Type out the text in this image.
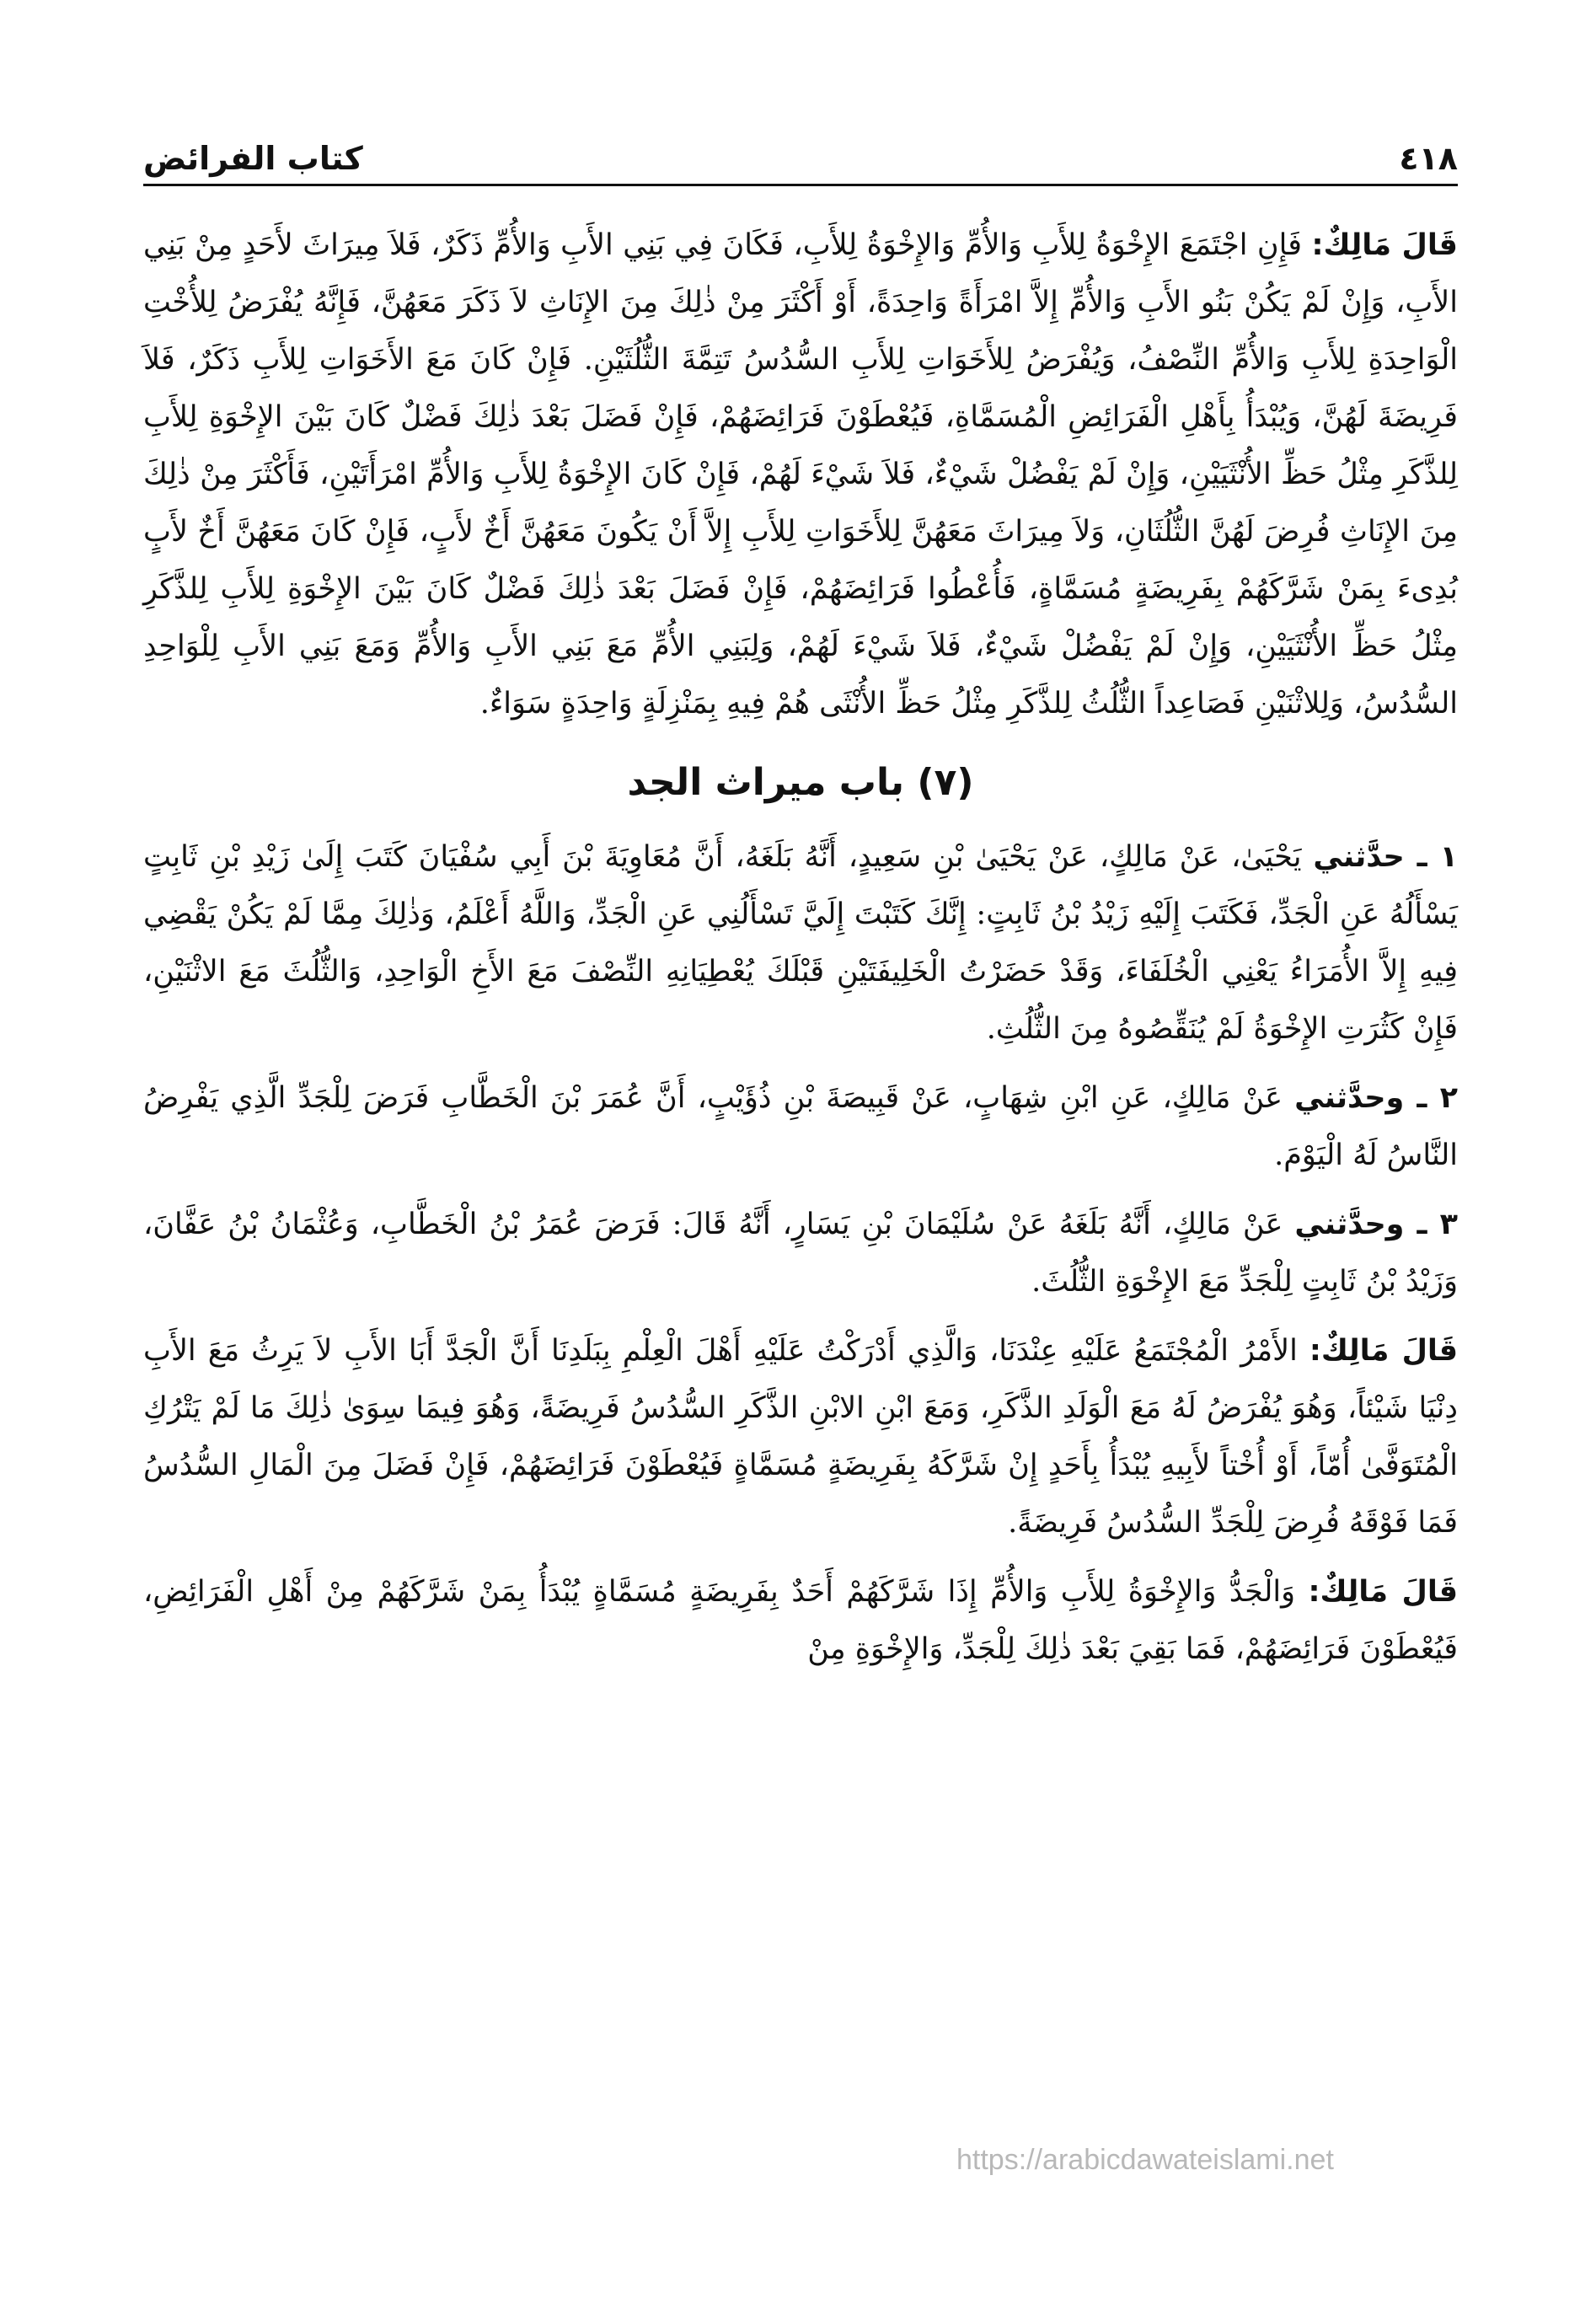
٤١٨
كتاب الفرائض

قَالَ مَالِكٌ: فَإِنِ اجْتَمَعَ الإِخْوَةُ لِلأَبِ وَالأُمِّ وَالإِخْوَةُ لِلأَبِ، فَكَانَ فِي بَنِي الأَبِ وَالأُمِّ ذَكَرٌ، فَلاَ مِيرَاثَ لأَحَدٍ مِنْ بَنِي الأَبِ، وَإِنْ لَمْ يَكُنْ بَنُو الأَبِ وَالأُمِّ إِلاَّ امْرَأَةً وَاحِدَةً، أَوْ أَكْثَرَ مِنْ ذٰلِكَ مِنَ الإِنَاثِ لاَ ذَكَرَ مَعَهُنَّ، فَإِنَّهُ يُفْرَضُ لِلأُخْتِ الْوَاحِدَةِ لِلأَبِ وَالأُمِّ النِّصْفُ، وَيُفْرَضُ لِلأَخَوَاتِ لِلأَبِ السُّدُسُ تَتِمَّةَ الثُّلُثَيْنِ. فَإِنْ كَانَ مَعَ الأَخَوَاتِ لِلأَبِ ذَكَرٌ، فَلاَ فَرِيضَةَ لَهُنَّ، وَيُبْدَأُ بِأَهْلِ الْفَرَائِضِ الْمُسَمَّاةِ، فَيُعْطَوْنَ فَرَائِضَهُمْ، فَإِنْ فَضَلَ بَعْدَ ذٰلِكَ فَضْلٌ كَانَ بَيْنَ الإِخْوَةِ لِلأَبِ لِلذَّكَرِ مِثْلُ حَظِّ الأُنْثَيَيْنِ، وَإِنْ لَمْ يَفْضُلْ شَيْءٌ، فَلاَ شَيْءَ لَهُمْ، فَإِنْ كَانَ الإِخْوَةُ لِلأَبِ وَالأُمِّ امْرَأَتَيْنِ، فَأَكْثَرَ مِنْ ذٰلِكَ مِنَ الإِنَاثِ فُرِضَ لَهُنَّ الثُّلُثَانِ، وَلاَ مِيرَاثَ مَعَهُنَّ لِلأَخَوَاتِ لِلأَبِ إِلاَّ أَنْ يَكُونَ مَعَهُنَّ أَخٌ لأَبٍ، فَإِنْ كَانَ مَعَهُنَّ أَخٌ لأَبٍ بُدِىءَ بِمَنْ شَرَّكَهُمْ بِفَرِيضَةٍ مُسَمَّاةٍ، فَأُعْطُوا فَرَائِضَهُمْ، فَإِنْ فَضَلَ بَعْدَ ذٰلِكَ فَضْلٌ كَانَ بَيْنَ الإِخْوَةِ لِلأَبِ لِلذَّكَرِ مِثْلُ حَظِّ الأُنْثَيَيْنِ، وَإِنْ لَمْ يَفْضُلْ شَيْءٌ، فَلاَ شَيْءَ لَهُمْ، وَلِبَنِي الأُمِّ مَعَ بَنِي الأَبِ وَالأُمِّ وَمَعَ بَنِي الأَبِ لِلْوَاحِدِ السُّدُسُ، وَلِلاثْنَيْنِ فَصَاعِداً الثُّلُثُ لِلذَّكَرِ مِثْلُ حَظِّ الأُنْثَى هُمْ فِيهِ بِمَنْزِلَةٍ وَاحِدَةٍ سَوَاءٌ.

(٧) باب ميراث الجد

١ ـ حدَّثني يَحْيَىٰ، عَنْ مَالِكٍ، عَنْ يَحْيَىٰ بْنِ سَعِيدٍ، أَنَّهُ بَلَغَهُ، أَنَّ مُعَاوِيَةَ بْنَ أَبِي سُفْيَانَ كَتَبَ إِلَىٰ زَيْدِ بْنِ ثَابِتٍ يَسْأَلُهُ عَنِ الْجَدِّ، فَكَتَبَ إِلَيْهِ زَيْدُ بْنُ ثَابِتٍ: إِنَّكَ كَتَبْتَ إِلَيَّ تَسْأَلُنِي عَنِ الْجَدِّ، وَاللَّهُ أَعْلَمُ، وَذٰلِكَ مِمَّا لَمْ يَكُنْ يَقْضِي فِيهِ إِلاَّ الأُمَرَاءُ يَعْنِي الْخُلَفَاءَ، وَقَدْ حَضَرْتُ الْخَلِيفَتَيْنِ قَبْلَكَ يُعْطِيَانِهِ النِّصْفَ مَعَ الأَخِ الْوَاحِدِ، وَالثُّلُثَ مَعَ الاثْنَيْنِ، فَإِنْ كَثُرَتِ الإِخْوَةُ لَمْ يُنَقِّصُوهُ مِنَ الثُّلُثِ.

٢ ـ وحدَّثني عَنْ مَالِكٍ، عَنِ ابْنِ شِهَابٍ، عَنْ قَبِيصَةَ بْنِ ذُؤَيْبٍ، أَنَّ عُمَرَ بْنَ الْخَطَّابِ فَرَضَ لِلْجَدِّ الَّذِي يَفْرِضُ النَّاسُ لَهُ الْيَوْمَ.

٣ ـ وحدَّثني عَنْ مَالِكٍ، أَنَّهُ بَلَغَهُ عَنْ سُلَيْمَانَ بْنِ يَسَارٍ، أَنَّهُ قَالَ: فَرَضَ عُمَرُ بْنُ الْخَطَّابِ، وَعُثْمَانُ بْنُ عَفَّانَ، وَزَيْدُ بْنُ ثَابِتٍ لِلْجَدِّ مَعَ الإِخْوَةِ الثُّلُثَ.

قَالَ مَالِكٌ: الأَمْرُ الْمُجْتَمَعُ عَلَيْهِ عِنْدَنَا، وَالَّذِي أَدْرَكْتُ عَلَيْهِ أَهْلَ الْعِلْمِ بِبَلَدِنَا أَنَّ الْجَدَّ أَبَا الأَبِ لاَ يَرِثُ مَعَ الأَبِ دِنْيَا شَيْئاً، وَهُوَ يُفْرَضُ لَهُ مَعَ الْوَلَدِ الذَّكَرِ، وَمَعَ ابْنِ الابْنِ الذَّكَرِ السُّدُسُ فَرِيضَةً، وَهُوَ فِيمَا سِوَىٰ ذٰلِكَ مَا لَمْ يَتْرُكِ الْمُتَوَفَّىٰ أُمّاً، أَوْ أُخْتاً لأَبِيهِ يُبْدَأُ بِأَحَدٍ إِنْ شَرَّكَهُ بِفَرِيضَةٍ مُسَمَّاةٍ فَيُعْطَوْنَ فَرَائِضَهُمْ، فَإِنْ فَضَلَ مِنَ الْمَالِ السُّدُسُ فَمَا فَوْقَهُ فُرِضَ لِلْجَدِّ السُّدُسُ فَرِيضَةً.

قَالَ مَالِكٌ: وَالْجَدُّ وَالإِخْوَةُ لِلأَبِ وَالأُمِّ إِذَا شَرَّكَهُمْ أَحَدٌ بِفَرِيضَةٍ مُسَمَّاةٍ يُبْدَأُ بِمَنْ شَرَّكَهُمْ مِنْ أَهْلِ الْفَرَائِضِ، فَيُعْطَوْنَ فَرَائِضَهُمْ، فَمَا بَقِيَ بَعْدَ ذٰلِكَ لِلْجَدِّ، وَالإِخْوَةِ مِنْ

https://arabicdawateislami.net
